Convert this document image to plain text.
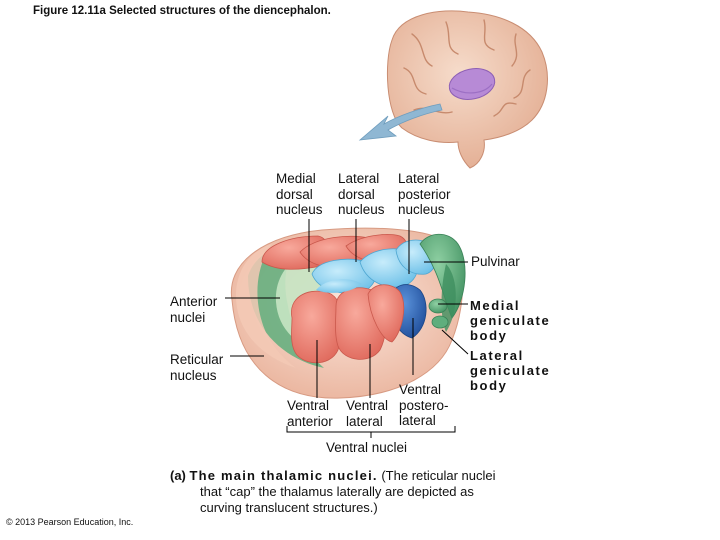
Figure 12.11a Selected structures of the diencephalon.
Medial
dorsal
nucleus
Lateral
dorsal
nucleus
Lateral
posterior
nucleus
Pulvinar
Anterior
nuclei
Reticular
nucleus
Medial
geniculate
body
Lateral
geniculate
body
Ventral
anterior
Ventral
lateral
Ventral
postero-
lateral
Ventral nuclei
(a) The main thalamic nuclei. (The reticular nuclei
that “cap” the thalamus laterally are depicted as
curving translucent structures.)
© 2013 Pearson Education, Inc.
